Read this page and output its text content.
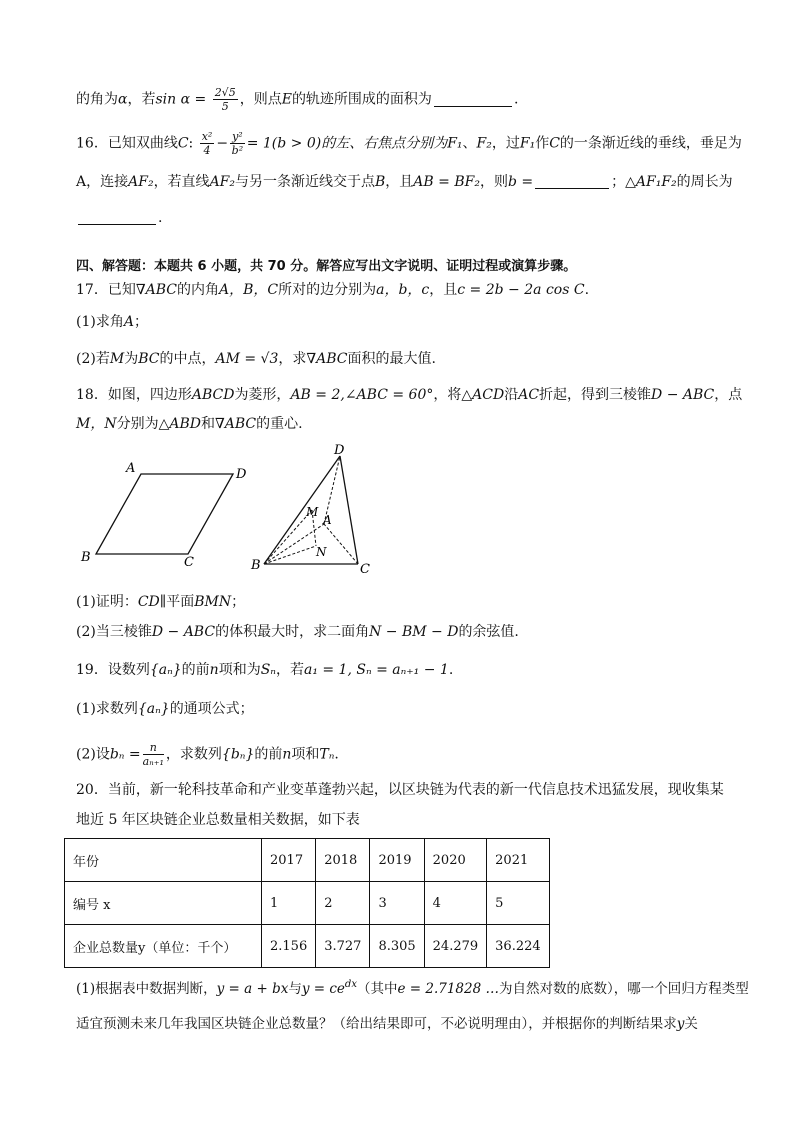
的角为α，若$\sin \alpha = \frac{2√5}{5}$ ，则点E的轨迹所围成的面积为	.
16．已知双曲线C: $\frac{\text{x²}}{4} - \frac{\text{y²}}{\text{b²}} = 1(b > 0)$的左、右焦点分别为F₁、F₂，过F₁作C的一条渐近线的垂线，垂足为
A，连接AF₂，若直线AF₂与另一条渐近线交于点B，且AB = BF₂，则b =	；△AF₁F₂的周长为
.
四、解答题：本题共 6 小题，共 70 分。解答应写出文字说明、证明过程或演算步骤。
17．已知∇ABC的内角A，B，C所对的边分别为a，b，c，且c = 2b − 2a cos C.
(1)求角A；
(2)若M为BC的中点，AM = √3，求∇ABC面积的最大值.
18．如图，四边形ABCD为菱形，AB = 2,∠ABC = 60°，将△ACD沿AC折起，得到三棱锥D − ABC，点
M，N分别为△ABD和∇ABC的重心.
A	D
B	C
D
M
A
N
B	C
(1)证明：CD∥平面BMN；
(2)当三棱锥D − ABC的体积最大时，求二面角N − BM − D的余弦值.
19．设数列{aₙ}的前n项和为Sₙ，若a₁ = 1, Sₙ = aₙ₊₁ − 1.
(1)求数列{aₙ}的通项公式；
(2)设$b_n = \frac{n}{\text{aₙ₊₁}}$ ，求数列{bₙ}的前n项和Tₙ.
20．当前，新一轮科技革命和产业变革蓬勃兴起，以区块链为代表的新一代信息技术迅猛发展，现收集某
地近 5 年区块链企业总数量相关数据，如下表
年份	2017	2018	2019	2020	2021
编号 x	1	2	3	4	5
企业总数量y（单位：千个）	2.156	3.727	8.305	24.279	36.224
(1)根据表中数据判断，y = a + bx与$y = ce^{dx}$（其中e = 2.71828 …为自然对数的底数），哪一个回归方程类型
适宜预测未来几年我国区块链企业总数量？（给出结果即可，不必说明理由），并根据你的判断结果求y关
